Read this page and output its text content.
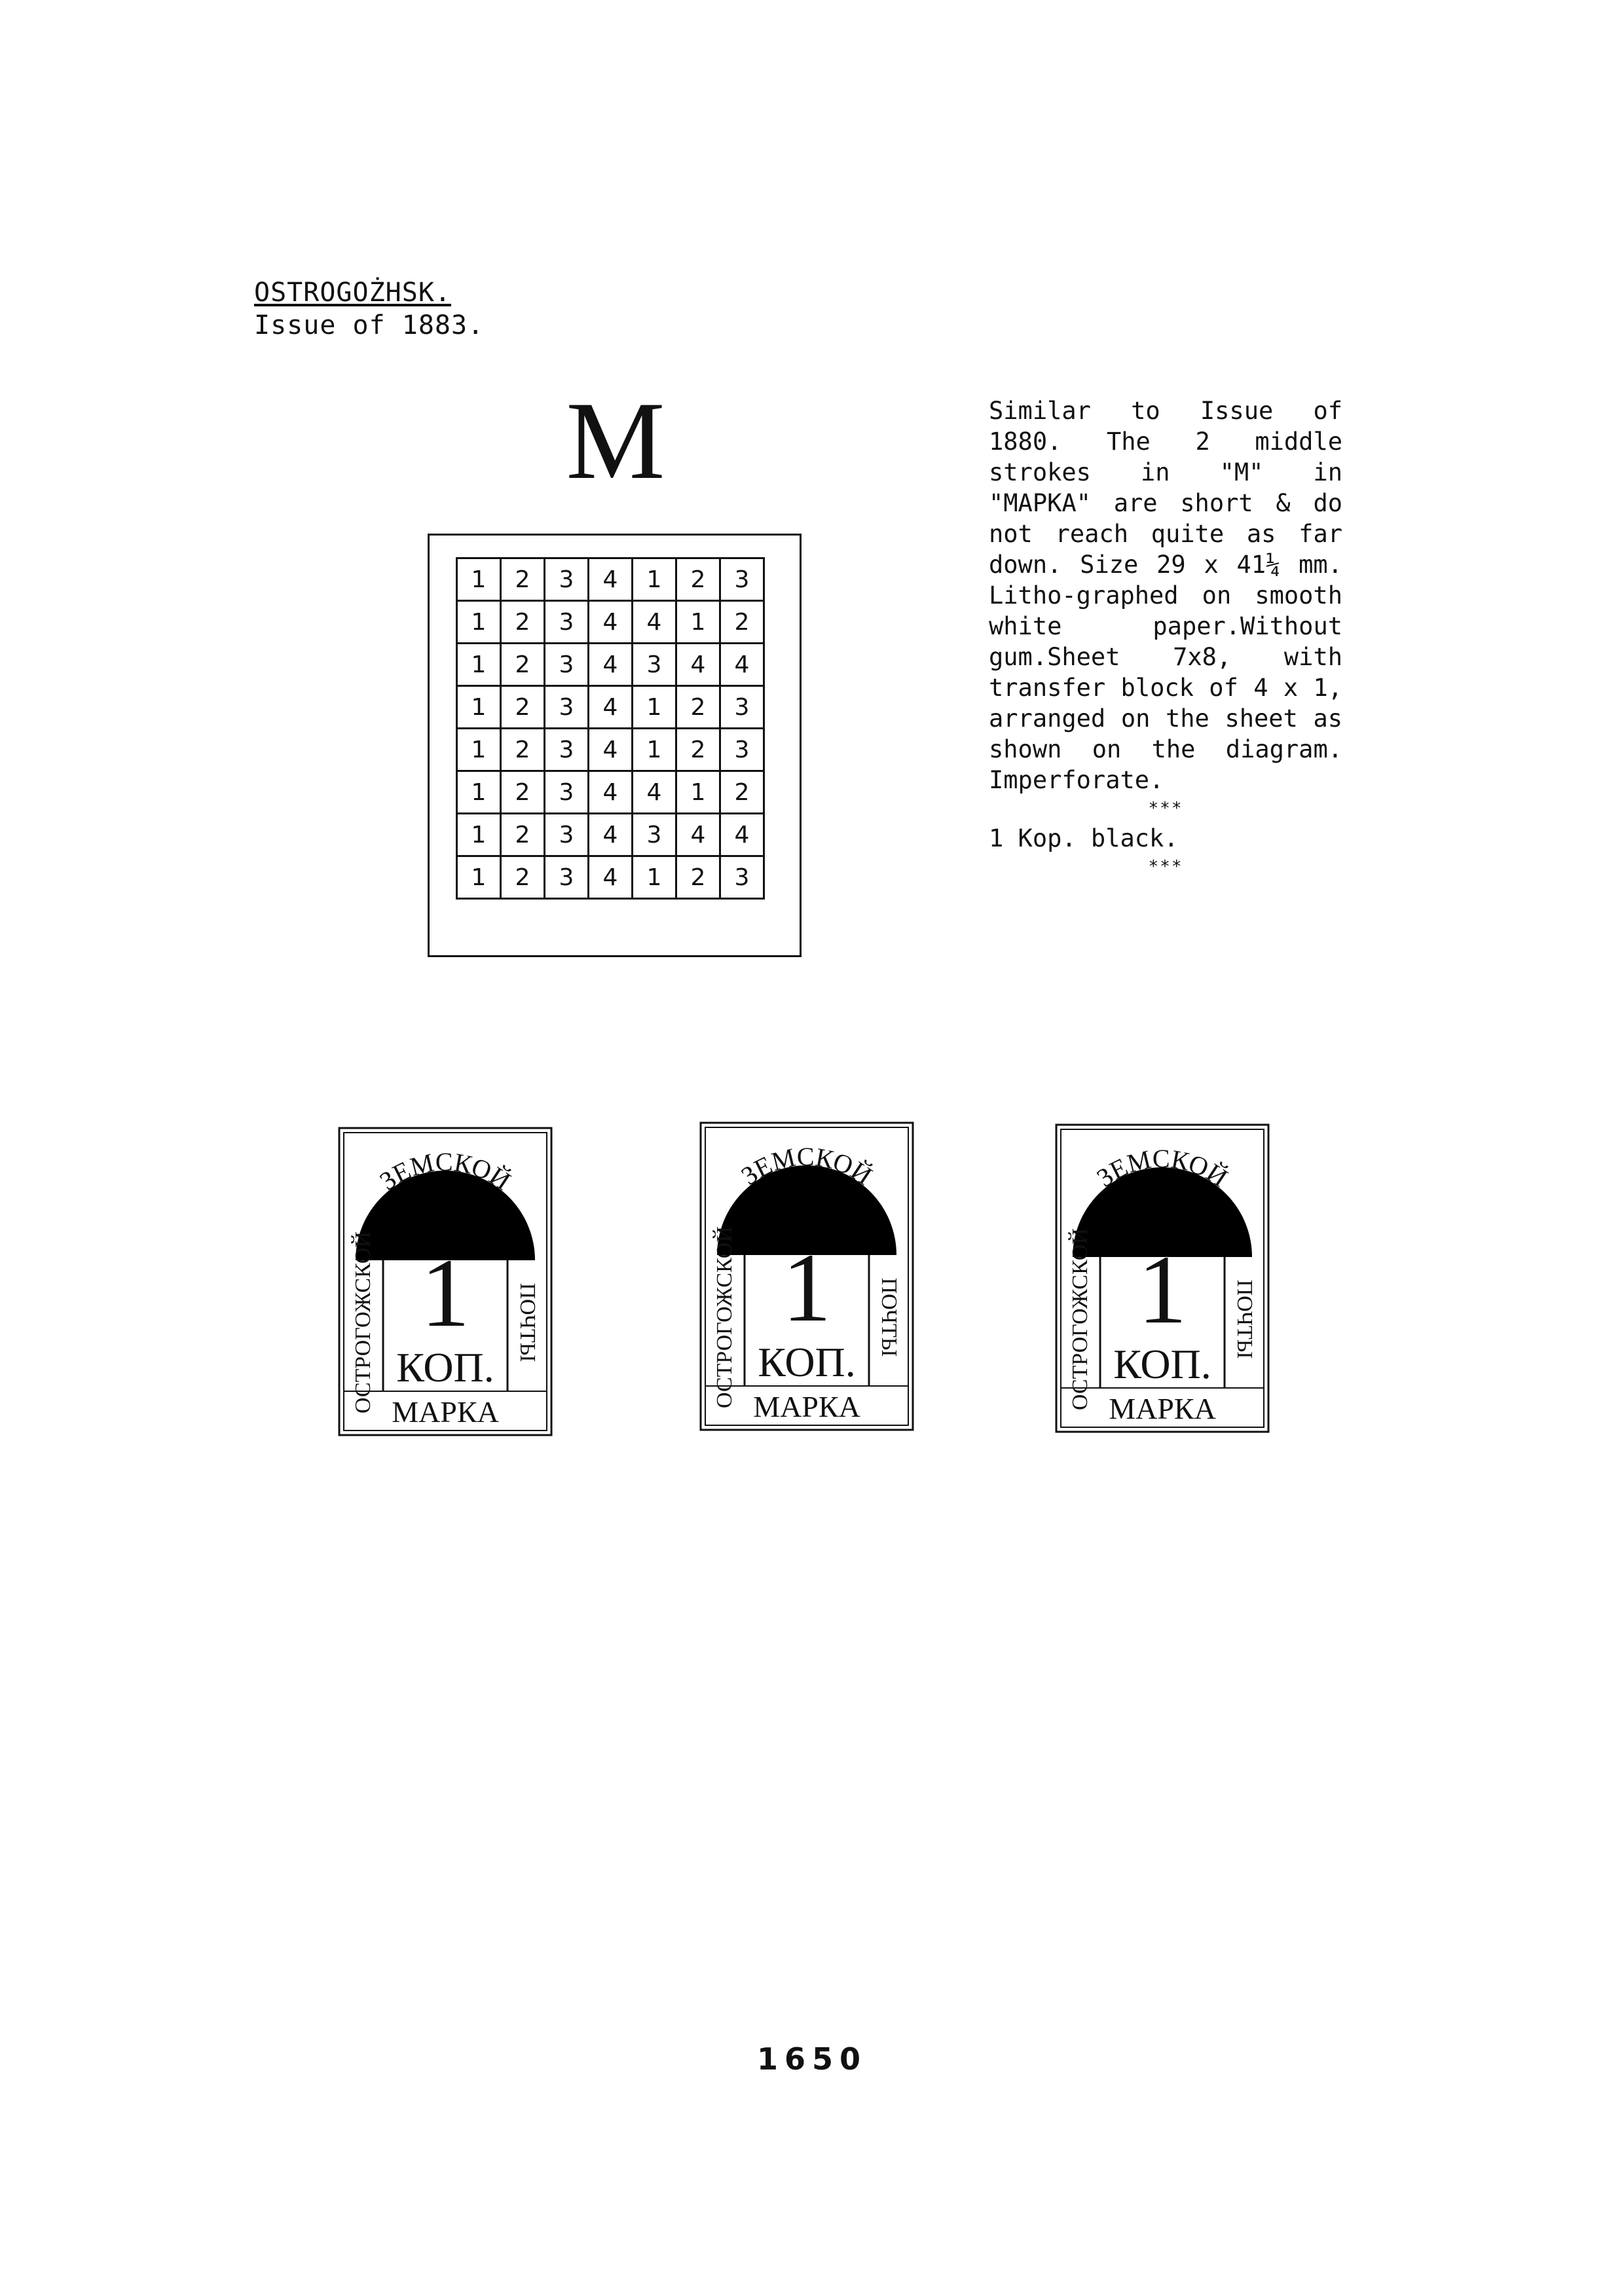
OSTROGOŻHSK.
Issue of 1883.
M
1	2	3	4	1	2	3
1	2	3	4	4	1	2
1	2	3	4	3	4	4
1	2	3	4	1	2	3
1	2	3	4	1	2	3
1	2	3	4	4	1	2
1	2	3	4	3	4	4
1	2	3	4	1	2	3
Similar to Issue of 1880. The 2 middle strokes in "M" in "MAPKA" are short & do not reach quite as far down. Size 29 x 41¼ mm. Litho-graphed on smooth white paper.Without gum.Sheet 7x8, with transfer block of 4 x 1, arranged on the sheet as shown on the diagram. Imperforate.
***
1 Kop. black.
***
ЗЕМСКОЙ
ОСТРОГОЖСКОЙ	ПОЧТЫ
1
КОП.
МАРКА
ЗЕМСКОЙ
ОСТРОГОЖСКОЙ	ПОЧТЫ
1
КОП.
МАРКА
ЗЕМСКОЙ
ОСТРОГОЖСКОЙ	ПОЧТЫ
1
КОП.
МАРКА
1650
